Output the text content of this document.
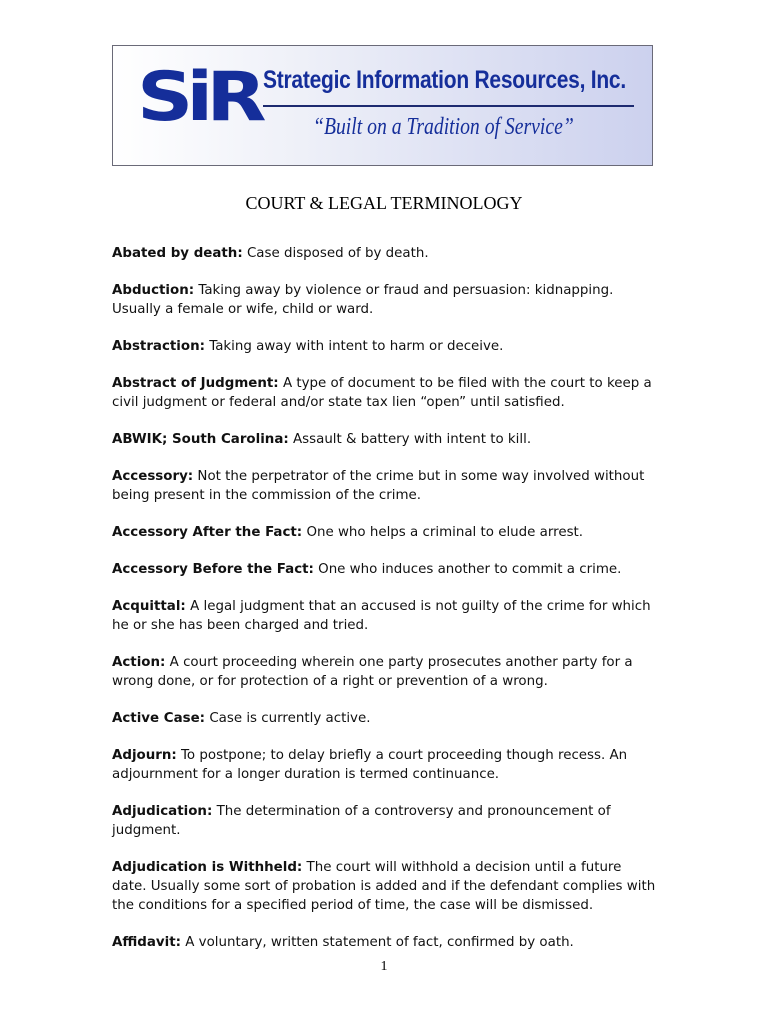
SiR Strategic Information Resources, Inc.
“Built on a Tradition of Service”
COURT & LEGAL TERMINOLOGY

Abated by death: Case disposed of by death.

Abduction: Taking away by violence or fraud and persuasion: kidnapping. Usually a female or wife, child or ward.

Abstraction: Taking away with intent to harm or deceive.

Abstract of Judgment: A type of document to be filed with the court to keep a civil judgment or federal and/or state tax lien “open” until satisfied.

ABWIK; South Carolina: Assault & battery with intent to kill.

Accessory: Not the perpetrator of the crime but in some way involved without being present in the commission of the crime.

Accessory After the Fact: One who helps a criminal to elude arrest.

Accessory Before the Fact: One who induces another to commit a crime.

Acquittal: A legal judgment that an accused is not guilty of the crime for which he or she has been charged and tried.

Action: A court proceeding wherein one party prosecutes another party for a wrong done, or for protection of a right or prevention of a wrong.

Active Case: Case is currently active.

Adjourn: To postpone; to delay briefly a court proceeding though recess. An adjournment for a longer duration is termed continuance.

Adjudication: The determination of a controversy and pronouncement of judgment.

Adjudication is Withheld: The court will withhold a decision until a future date. Usually some sort of probation is added and if the defendant complies with the conditions for a specified period of time, the case will be dismissed.

Affidavit: A voluntary, written statement of fact, confirmed by oath.

1
